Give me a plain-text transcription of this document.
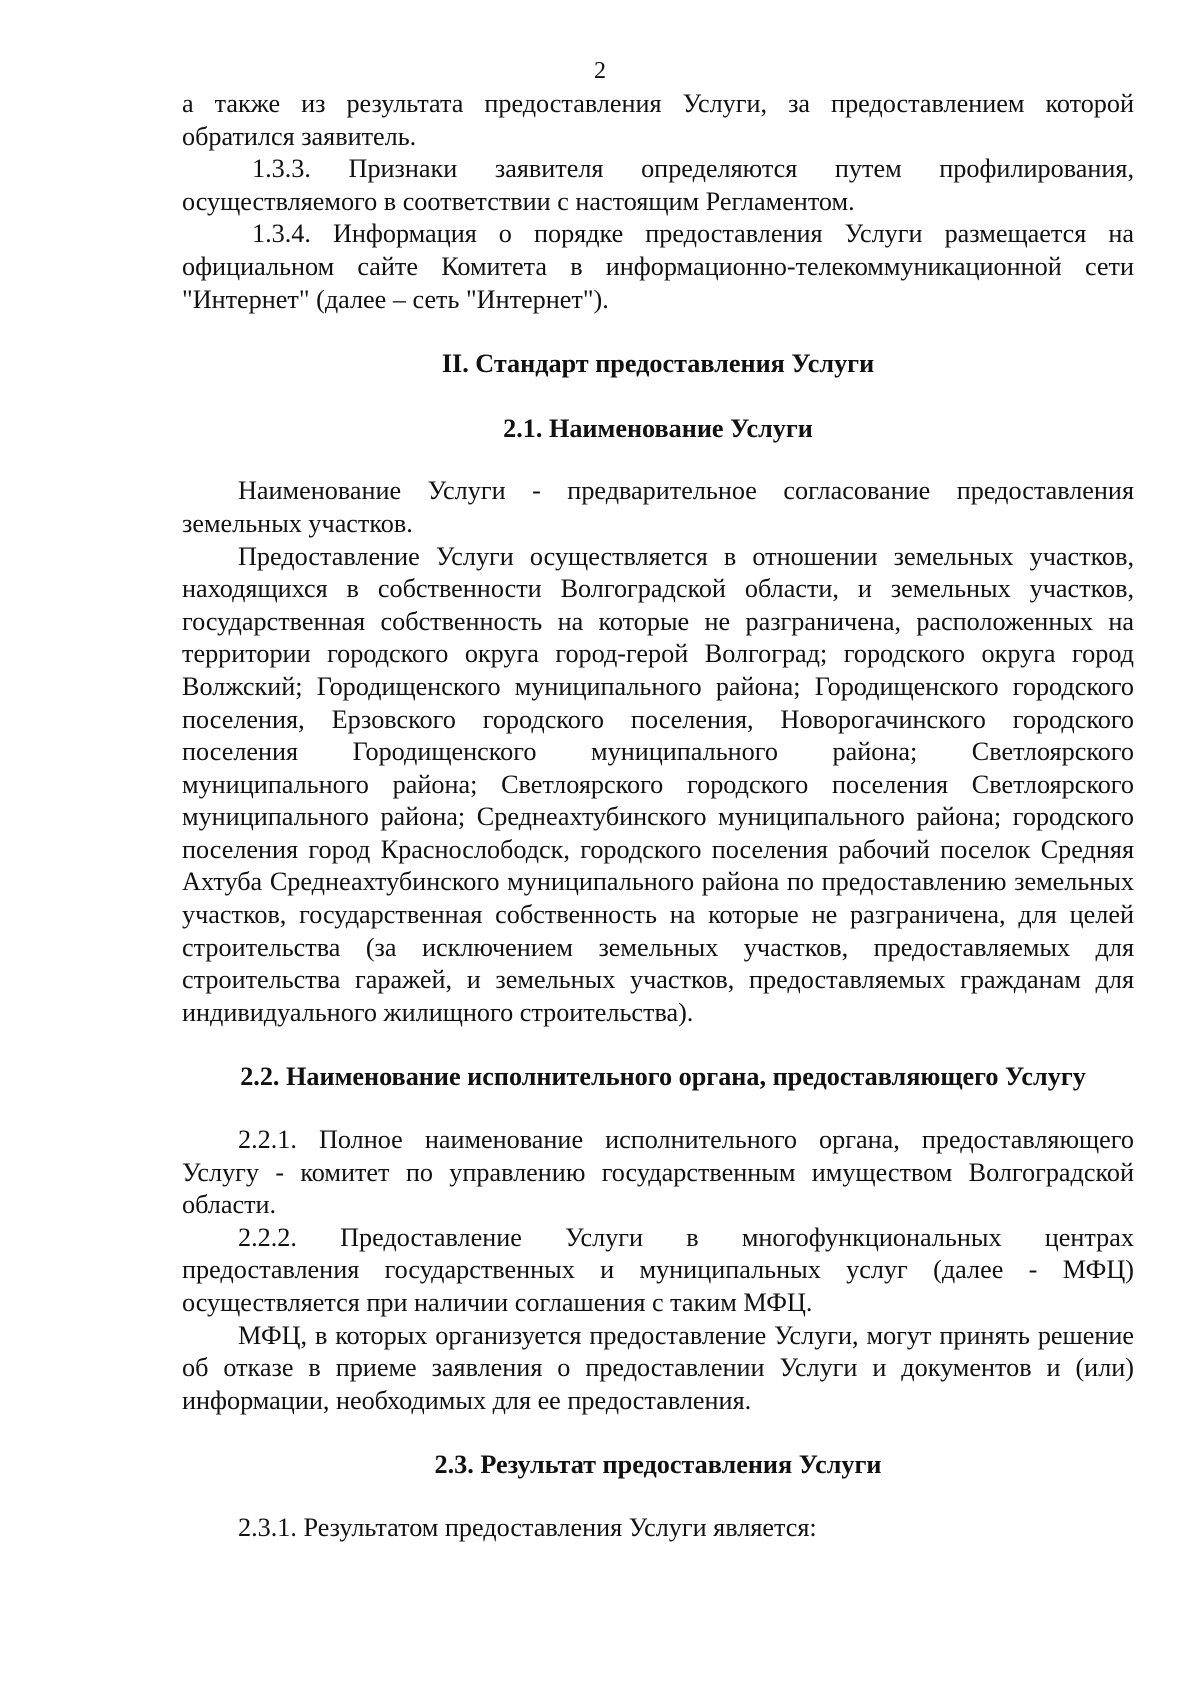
2

а также из результата предоставления Услуги, за предоставлением которой обратился заявитель.

1.3.3. Признаки заявителя определяются путем профилирования, осуществляемого в соответствии с настоящим Регламентом.

1.3.4. Информация о порядке предоставления Услуги размещается на официальном сайте Комитета в информационно-телекоммуникационной сети "Интернет" (далее – сеть "Интернет").

II. Стандарт предоставления Услуги
2.1. Наименование Услуги

Наименование Услуги - предварительное согласование предоставления земельных участков.

Предоставление Услуги осуществляется в отношении земельных участков, находящихся в собственности Волгоградской области, и земельных участков, государственная собственность на которые не разграничена, расположенных на территории городского округа город-герой Волгоград; городского округа город Волжский; Городищенского муниципального района; Городищенского городского поселения, Ерзовского городского поселения, Новорогачинского городского поселения Городищенского муниципального района; Светлоярского муниципального района; Светлоярского городского поселения Светлоярского муниципального района; Среднеахтубинского муниципального района; городского поселения город Краснослободск, городского поселения рабочий поселок Средняя Ахтуба Среднеахтубинского муниципального района по предоставлению земельных участков, государственная собственность на которые не разграничена, для целей строительства (за исключением земельных участков, предоставляемых для строительства гаражей, и земельных участков, предоставляемых гражданам для индивидуального жилищного строительства).

2.2. Наименование исполнительного органа, предоставляющего Услугу

2.2.1. Полное наименование исполнительного органа, предоставляющего Услугу - комитет по управлению государственным имуществом Волгоградской области.

2.2.2. Предоставление Услуги в многофункциональных центрах предоставления государственных и муниципальных услуг (далее - МФЦ) осуществляется при наличии соглашения с таким МФЦ.

МФЦ, в которых организуется предоставление Услуги, могут принять решение об отказе в приеме заявления о предоставлении Услуги и документов и (или) информации, необходимых для ее предоставления.

2.3. Результат предоставления Услуги

2.3.1. Результатом предоставления Услуги является:
